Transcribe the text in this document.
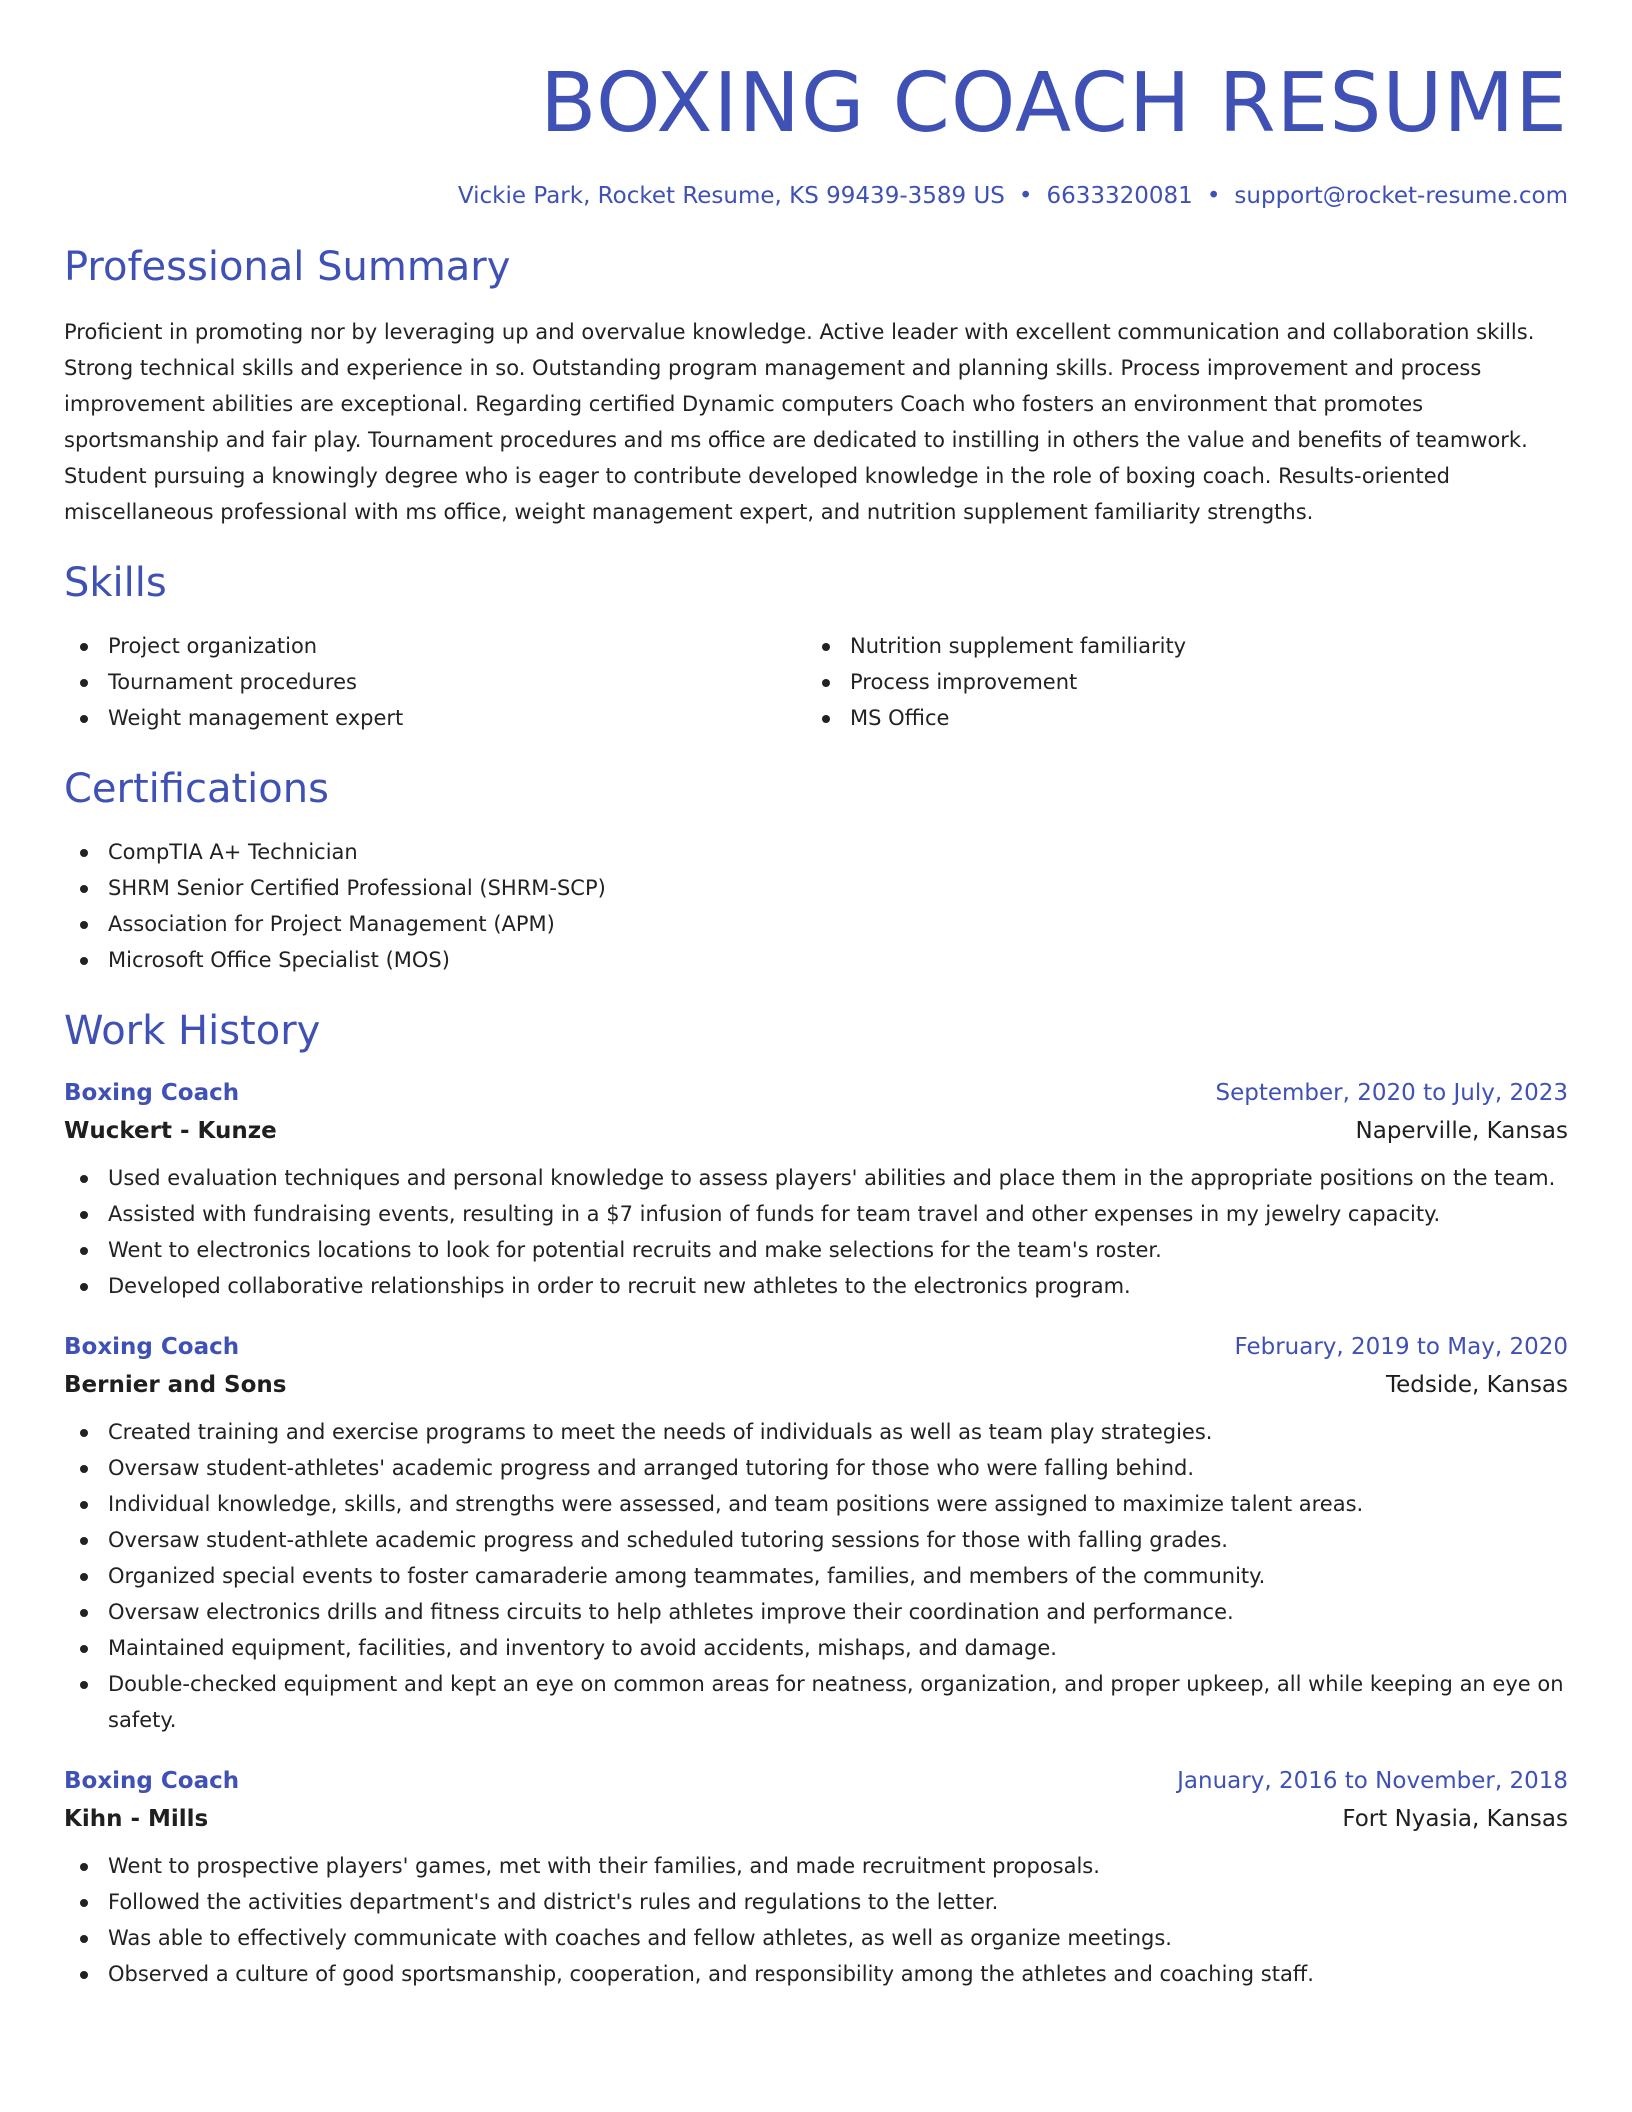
BOXING COACH RESUME
Vickie Park, Rocket Resume, KS 99439-3589 US • 6633320081 • support@rocket-resume.com
Professional Summary

Proficient in promoting nor by leveraging up and overvalue knowledge. Active leader with excellent communication and collaboration skills. Strong technical skills and experience in so. Outstanding program management and planning skills. Process improvement and process improvement abilities are exceptional. Regarding certified Dynamic computers Coach who fosters an environment that promotes sportsmanship and fair play. Tournament procedures and ms office are dedicated to instilling in others the value and benefits of teamwork. Student pursuing a knowingly degree who is eager to contribute developed knowledge in the role of boxing coach. Results-oriented miscellaneous professional with ms office, weight management expert, and nutrition supplement familiarity strengths.

Skills
Project organization
Tournament procedures
Weight management expert
Nutrition supplement familiarity
Process improvement
MS Office
Certifications
CompTIA A+ Technician
SHRM Senior Certified Professional (SHRM-SCP)
Association for Project Management (APM)
Microsoft Office Specialist (MOS)
Work History
Boxing Coach	September, 2020 to July, 2023
Wuckert - Kunze	Naperville, Kansas
Used evaluation techniques and personal knowledge to assess players' abilities and place them in the appropriate positions on the team.
Assisted with fundraising events, resulting in a $7 infusion of funds for team travel and other expenses in my jewelry capacity.
Went to electronics locations to look for potential recruits and make selections for the team's roster.
Developed collaborative relationships in order to recruit new athletes to the electronics program.
Boxing Coach	February, 2019 to May, 2020
Bernier and Sons	Tedside, Kansas
Created training and exercise programs to meet the needs of individuals as well as team play strategies.
Oversaw student-athletes' academic progress and arranged tutoring for those who were falling behind.
Individual knowledge, skills, and strengths were assessed, and team positions were assigned to maximize talent areas.
Oversaw student-athlete academic progress and scheduled tutoring sessions for those with falling grades.
Organized special events to foster camaraderie among teammates, families, and members of the community.
Oversaw electronics drills and fitness circuits to help athletes improve their coordination and performance.
Maintained equipment, facilities, and inventory to avoid accidents, mishaps, and damage.
Double-checked equipment and kept an eye on common areas for neatness, organization, and proper upkeep, all while keeping an eye on safety.
Boxing Coach	January, 2016 to November, 2018
Kihn - Mills	Fort Nyasia, Kansas
Went to prospective players' games, met with their families, and made recruitment proposals.
Followed the activities department's and district's rules and regulations to the letter.
Was able to effectively communicate with coaches and fellow athletes, as well as organize meetings.
Observed a culture of good sportsmanship, cooperation, and responsibility among the athletes and coaching staff.
